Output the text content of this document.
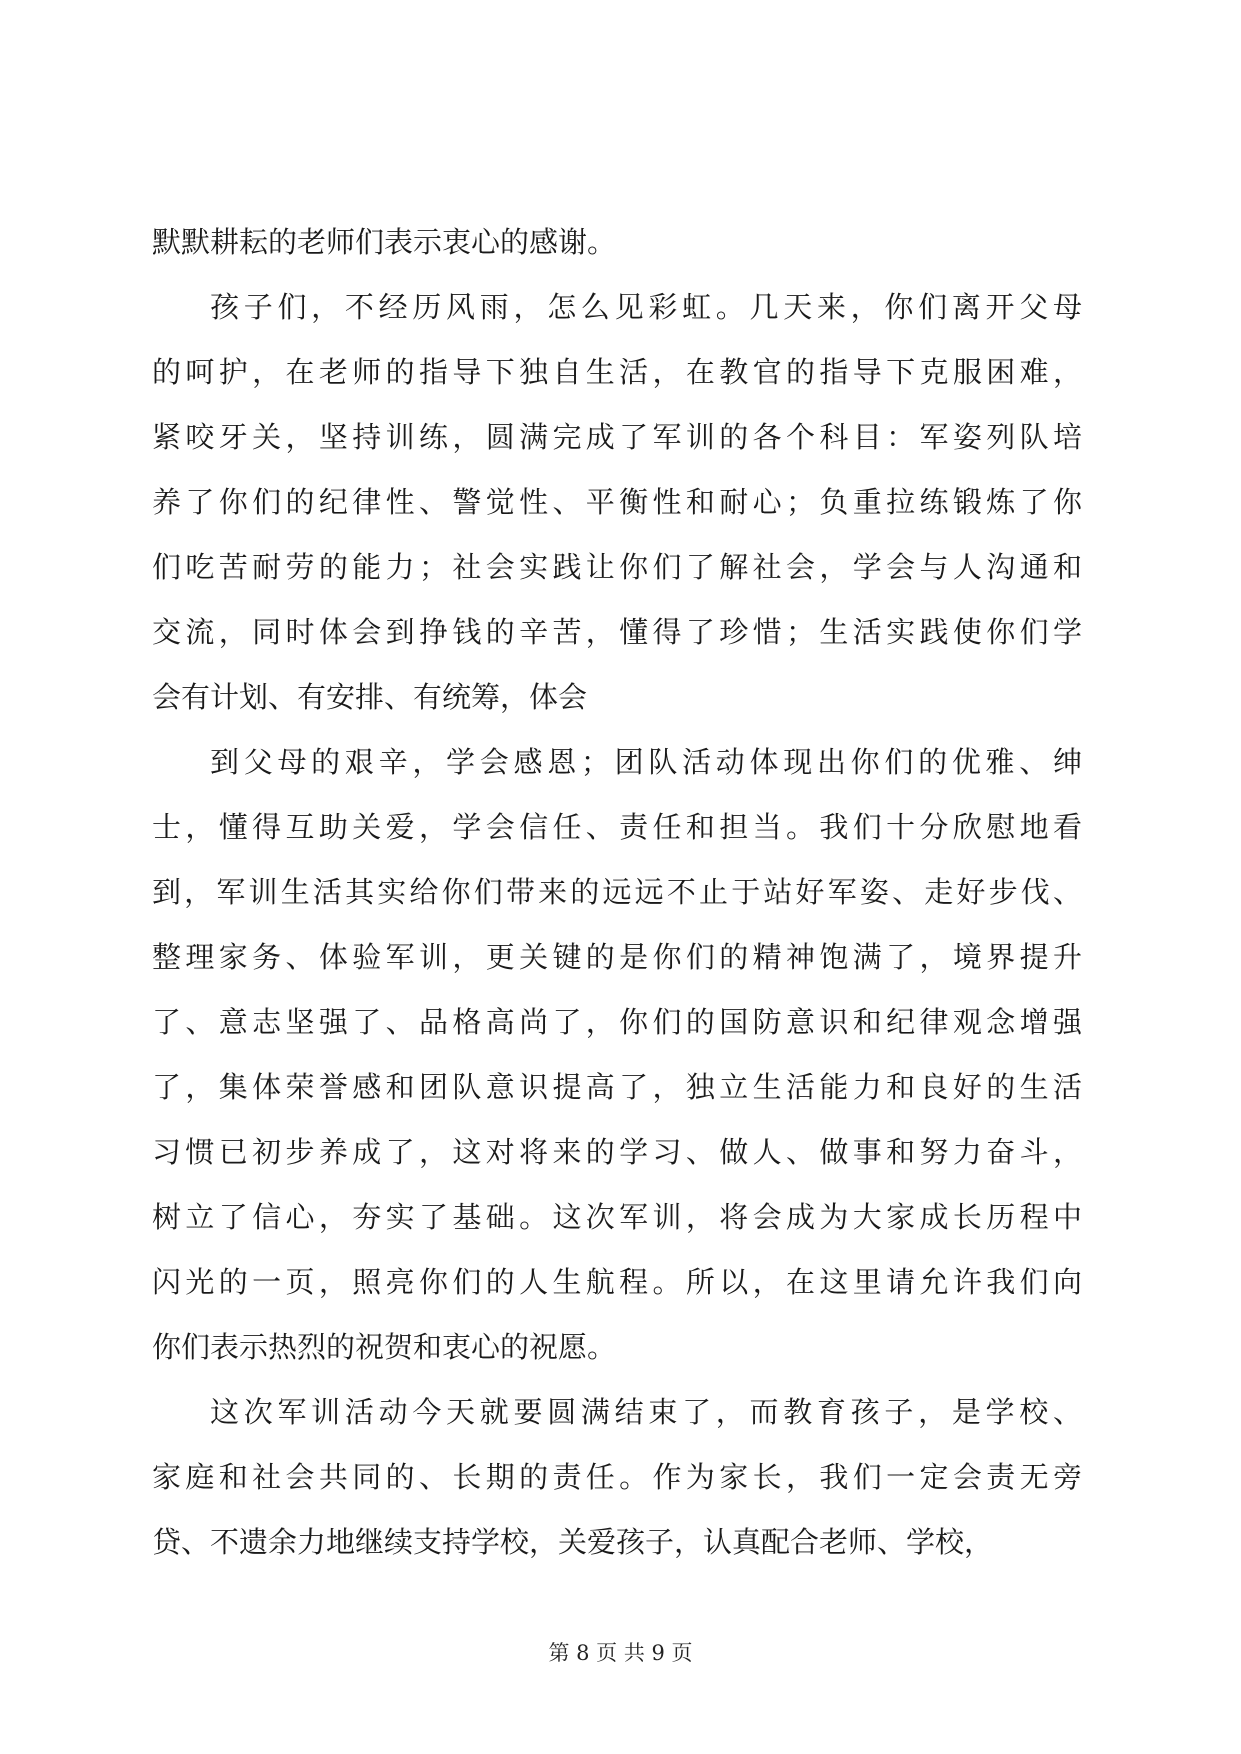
默默耕耘的老师们表示衷心的感谢。
孩子们，不经历风雨，怎么见彩虹。几天来，你们离开父母
的呵护，在老师的指导下独自生活，在教官的指导下克服困难，
紧咬牙关，坚持训练，圆满完成了军训的各个科目：军姿列队培
养了你们的纪律性、警觉性、平衡性和耐心；负重拉练锻炼了你
们吃苦耐劳的能力；社会实践让你们了解社会，学会与人沟通和
交流，同时体会到挣钱的辛苦，懂得了珍惜；生活实践使你们学
会有计划、有安排、有统筹，体会
到父母的艰辛，学会感恩；团队活动体现出你们的优雅、绅
士，懂得互助关爱，学会信任、责任和担当。我们十分欣慰地看
到，军训生活其实给你们带来的远远不止于站好军姿、走好步伐、
整理家务、体验军训，更关键的是你们的精神饱满了，境界提升
了、意志坚强了、品格高尚了，你们的国防意识和纪律观念增强
了，集体荣誉感和团队意识提高了，独立生活能力和良好的生活
习惯已初步养成了，这对将来的学习、做人、做事和努力奋斗，
树立了信心，夯实了基础。这次军训，将会成为大家成长历程中
闪光的一页，照亮你们的人生航程。所以，在这里请允许我们向
你们表示热烈的祝贺和衷心的祝愿。
这次军训活动今天就要圆满结束了，而教育孩子，是学校、
家庭和社会共同的、长期的责任。作为家长，我们一定会责无旁
贷、不遗余力地继续支持学校，关爱孩子，认真配合老师、学校，
第 8 页 共 9 页
